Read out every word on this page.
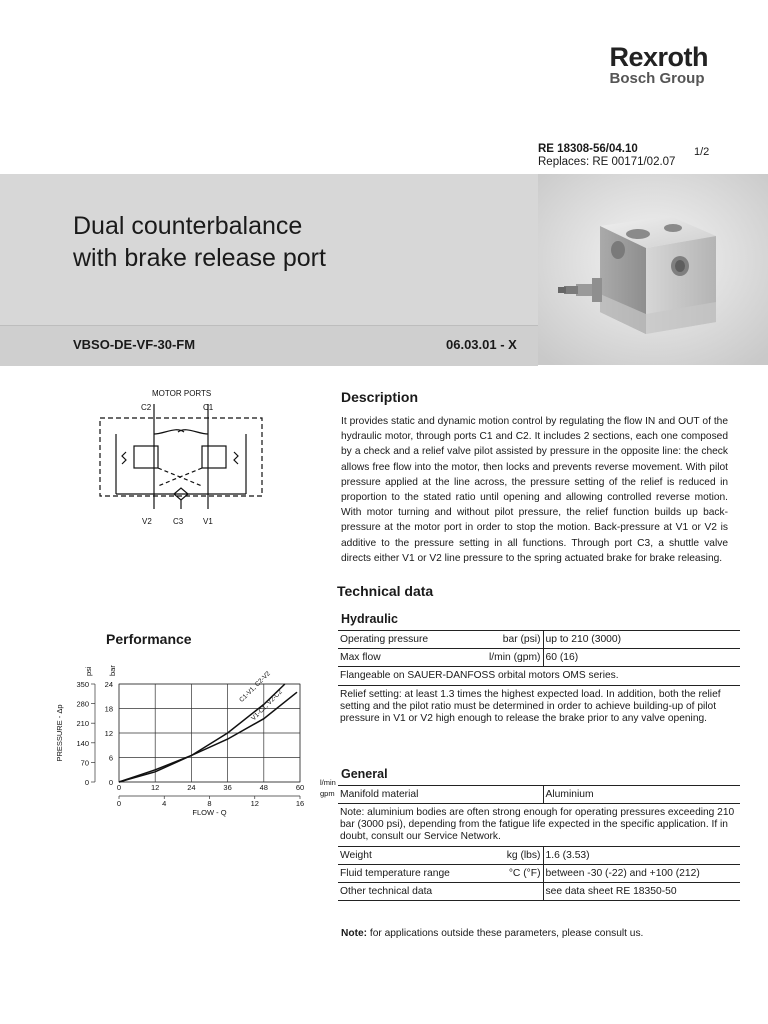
Rexroth
Bosch Group
RE 18308-56/04.10
Replaces: RE 00171/02.07
1/2
Dual counterbalance
with brake release port
VBSO-DE-VF-30-FM	06.03.01 - X
MOTOR PORTS
C2	C1
V2	C3 V1
Performance
0	12	24	36	48	60
0
6
12
18
24
0
70
140
210
280
350
0	4	8	12	16
FLOW - Q
l/min
gpm
bar
psi
PRESSURE - Δp
C1-V1, C2-V2
V1-C1, V2-C2
Description
It provides static and dynamic motion control by regulating the flow IN and OUT of the hydraulic motor, through ports C1 and C2. It includes 2 sections, each one composed by a check and a relief valve pilot assisted by pressure in the opposite line: the check allows free flow into the motor, then locks and prevents reverse movement. With pilot pressure applied at the line across, the pressure setting of the relief is reduced in proportion to the stated ratio until opening and allowing controlled reverse motion. With motor turning and without pilot pressure, the relief function builds up back-pressure at the motor port in order to stop the motion. Back-pressure at V1 or V2 is additive to the pressure setting in all functions. Through port C3, a shuttle valve directs either V1 or V2 line pressure to the spring actuated brake for brake releasing.
Technical data
Hydraulic
Operating pressure	bar (psi)	up to 210 (3000)
Max flow	l/min (gpm)	60 (16)
Flangeable on SAUER-DANFOSS orbital motors OMS series.		
Relief setting: at least 1.3 times the highest expected load. In addition, both the relief setting and the pilot ratio must be determined in order to achieve building-up of pilot pressure in V1 or V2 high enough to release the brake prior to any valve opening.		
General
Manifold material		Aluminium
Note: aluminium bodies are often strong enough for operating pressures exceeding 210 bar (3000 psi), depending from the fatigue life expected in the specific application. If in doubt, consult our Service Network.		
Weight	kg (lbs)	1.6 (3.53)
Fluid temperature range	°C (°F)	between -30 (-22) and +100 (212)
Other technical data		see data sheet RE 18350-50
Note: for applications outside these parameters, please consult us.
